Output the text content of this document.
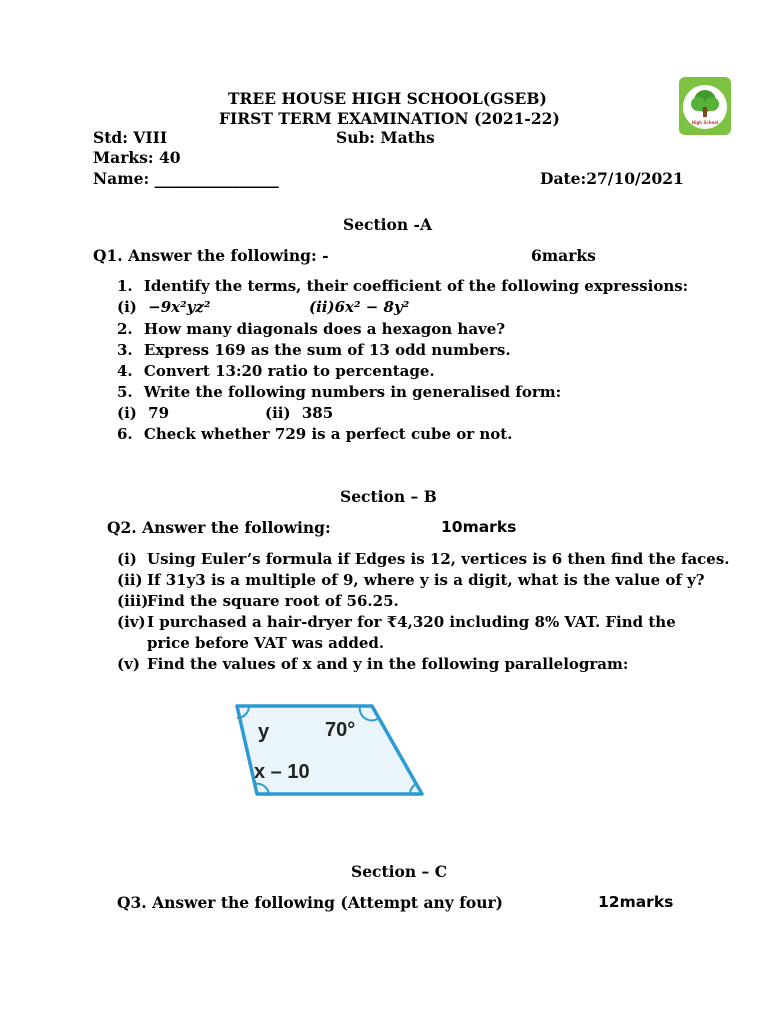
TREE HOUSE HIGH SCHOOL(GSEB)
FIRST TERM EXAMINATION (2021-22)
Std: VIII	Sub: Maths
Marks: 40
Name: ________________	Date:27/10/2021
High School
Section -A
Q1. Answer the following: -	6marks
1. Identify the terms, their coefficient of the following expressions:
(i) −9x²yz²	(ii)6x² − 8y²
2. How many diagonals does a hexagon have?
3. Express 169 as the sum of 13 odd numbers.
4. Convert 13:20 ratio to percentage.
5. Write the following numbers in generalised form:
(i) 79	(ii) 385
6. Check whether 729 is a perfect cube or not.
Section – B
Q2. Answer the following:	10marks
(i) Using Euler’s formula if Edges is 12, vertices is 6 then find the faces.
(ii) If 31y3 is a multiple of 9, where y is a digit, what is the value of y?
(iii)Find the square root of 56.25.
(iv)I purchased a hair-dryer for ₹4,320 including 8% VAT. Find the
price before VAT was added.
(v) Find the values of x and y in the following parallelogram:
y	70°
x – 10
Section – C
Q3. Answer the following (Attempt any four)	12marks
